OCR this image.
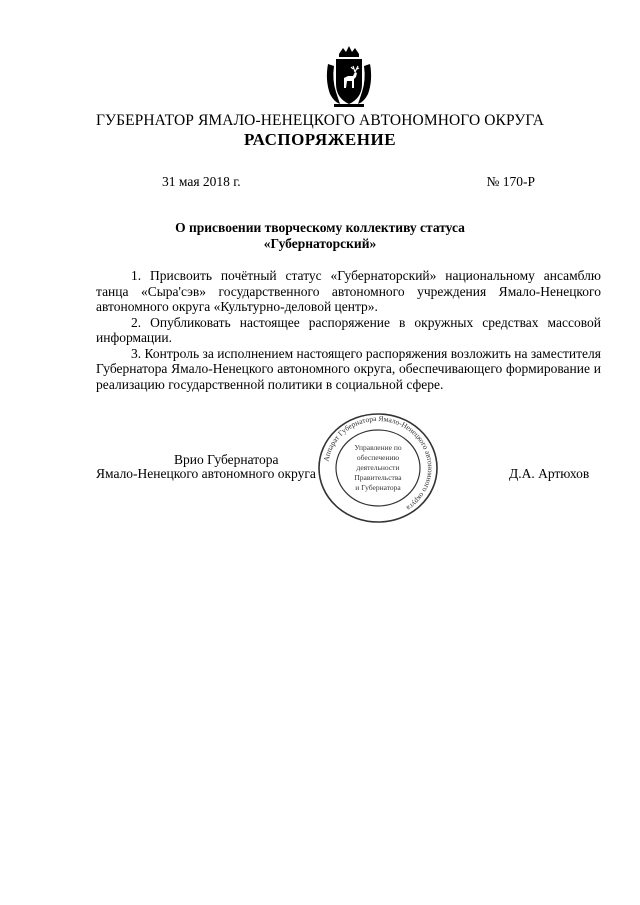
ГУБЕРНАТОР ЯМАЛО-НЕНЕЦКОГО АВТОНОМНОГО ОКРУГА
РАСПОРЯЖЕНИЕ
31 мая 2018 г.	№ 170-Р
О присвоении творческому коллективу статуса
«Губернаторский»

1. Присвоить почётный статус «Губернаторский» национальному ансамблю танца «Сыра'сэв» государственного автономного учреждения Ямало-Ненецкого автономного округа «Культурно-деловой центр».

2. Опубликовать настоящее распоряжение в окружных средствах массовой информации.

3. Контроль за исполнением настоящего распоряжения возложить на заместителя Губернатора Ямало-Ненецкого автономного округа, обеспечивающего формирование и реализацию государственной политики в социальной сфере.

Врио Губернатора
Ямало-Ненецкого автономного округа	Д.А. Артюхов
Аппарат Губернатора Ямало-Ненецкого автономного округа
Управление по
обеспечению
деятельности
Правительства
и Губернатора
